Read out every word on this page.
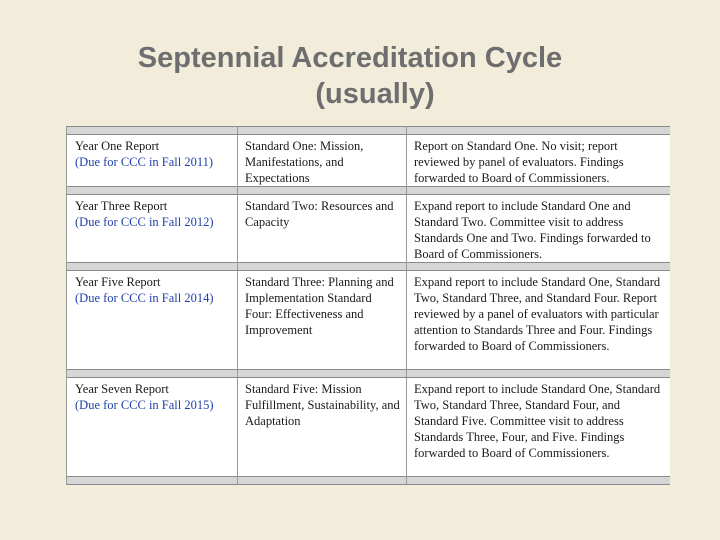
Septennial Accreditation Cycle
(usually)

Year One Report
(Due for CCC in Fall 2011)	Standard One: Mission, Manifestations, and Expectations	Report on Standard One. No visit; report reviewed by panel of evaluators. Findings forwarded to Board of Commissioners.

Year Three Report
(Due for CCC in Fall 2012)	Standard Two: Resources and Capacity	Expand report to include Standard One and Standard Two. Committee visit to address Standards One and Two. Findings forwarded to Board of Commissioners.

Year Five Report
(Due for CCC in Fall 2014)	Standard Three: Planning and Implementation Standard Four: Effectiveness and Improvement	Expand report to include Standard One, Standard Two, Standard Three, and Standard Four. Report reviewed by a panel of evaluators with particular attention to Standards Three and Four. Findings forwarded to Board of Commissioners.

Year Seven Report
(Due for CCC in Fall 2015)	Standard Five: Mission Fulfillment, Sustainability, and Adaptation	Expand report to include Standard One, Standard Two, Standard Three, Standard Four, and Standard Five. Committee visit to address Standards Three, Four, and Five. Findings forwarded to Board of Commissioners.
